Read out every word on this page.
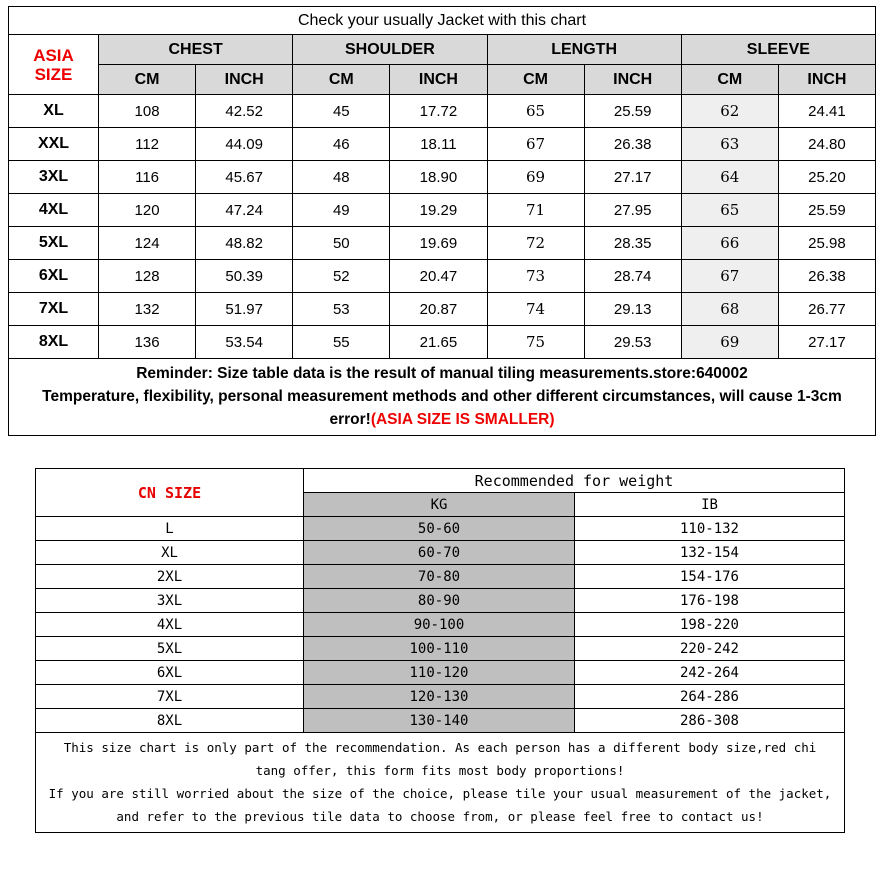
Check your usually Jacket with this chart
ASIA SIZE	CHEST		SHOULDER		LENGTH		SLEEVE	
	CM	INCH	CM	INCH	CM	INCH	CM	INCH
XL	108	42.52	45	17.72	65	25.59	62	24.41
XXL	112	44.09	46	18.11	67	26.38	63	24.80
3XL	116	45.67	48	18.90	69	27.17	64	25.20
4XL	120	47.24	49	19.29	71	27.95	65	25.59
5XL	124	48.82	50	19.69	72	28.35	66	25.98
6XL	128	50.39	52	20.47	73	28.74	67	26.38
7XL	132	51.97	53	20.87	74	29.13	68	26.77
8XL	136	53.54	55	21.65	75	29.53	69	27.17
Reminder: Size table data is the result of manual tiling measurements.store:640002
Temperature, flexibility, personal measurement methods and other different circumstances, will cause 1-3cm
error!(ASIA SIZE IS SMALLER)
CN SIZE	Recommended for weight	
	KG	IB
L	50-60	110-132
XL	60-70	132-154
2XL	70-80	154-176
3XL	80-90	176-198
4XL	90-100	198-220
5XL	100-110	220-242
6XL	110-120	242-264
7XL	120-130	264-286
8XL	130-140	286-308
This size chart is only part of the recommendation. As each person has a different body size,red chi
tang offer, this form fits most body proportions!
If you are still worried about the size of the choice, please tile your usual measurement of the jacket,
and refer to the previous tile data to choose from, or please feel free to contact us!
